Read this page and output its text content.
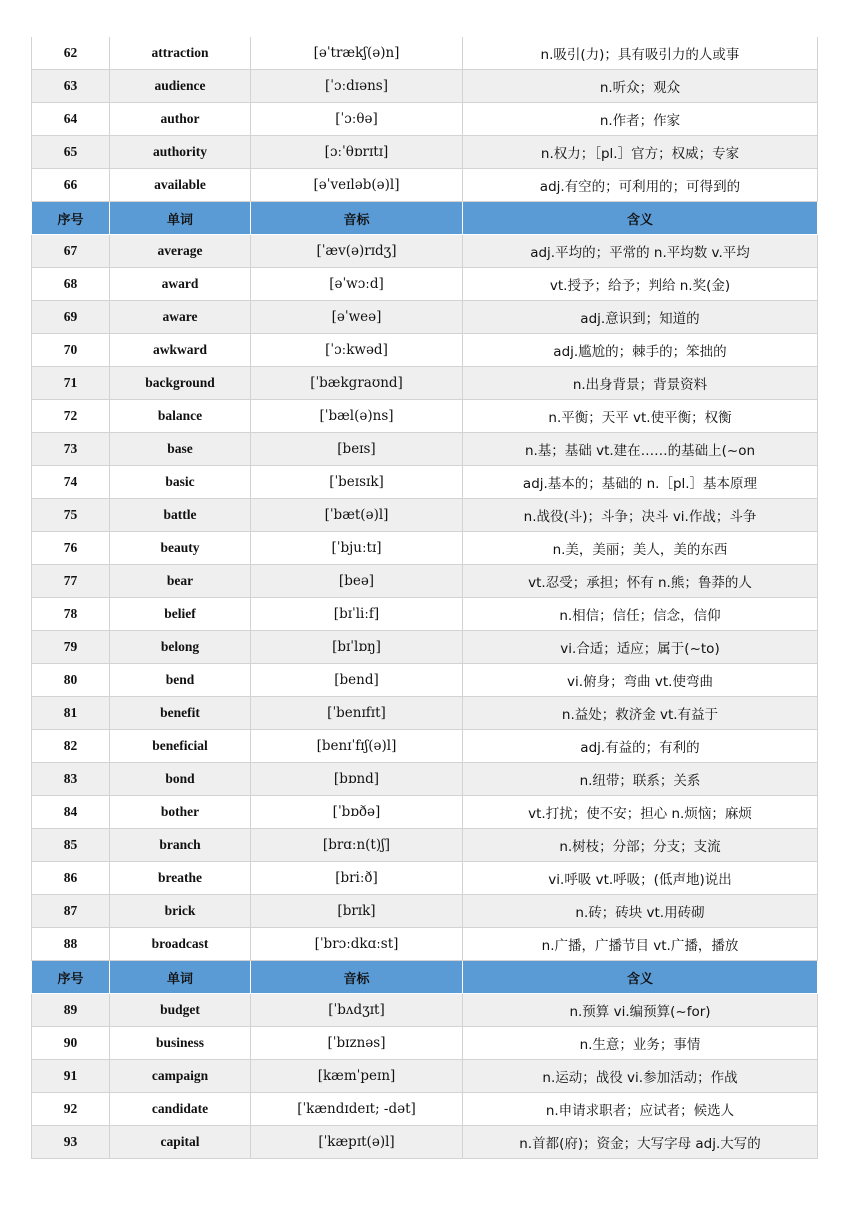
62	attraction	[əˈtrækʃ(ə)n]	n.吸引(力)；具有吸引力的人或事
63	audience	[ˈɔːdɪəns]	n.听众；观众
64	author	[ˈɔːθə]	n.作者；作家
65	authority	[ɔːˈθɒrɪtɪ]	n.权力；［pl.］官方；权威；专家
66	available	[əˈveɪləb(ə)l]	adj.有空的；可利用的；可得到的
序号	单词	音标	含义
67	average	[ˈæv(ə)rɪdʒ]	adj.平均的；平常的 n.平均数 v.平均
68	award	[əˈwɔːd]	vt.授予；给予；判给 n.奖(金)
69	aware	[əˈweə]	adj.意识到；知道的
70	awkward	[ˈɔːkwəd]	adj.尴尬的；棘手的；笨拙的
71	background	[ˈbækgraʊnd]	n.出身背景；背景资料
72	balance	[ˈbæl(ə)ns]	n.平衡；天平 vt.使平衡；权衡
73	base	[beɪs]	n.基；基础 vt.建在……的基础上(~on
74	basic	[ˈbeɪsɪk]	adj.基本的；基础的 n.［pl.］基本原理
75	battle	[ˈbæt(ə)l]	n.战役(斗)；斗争；决斗 vi.作战；斗争
76	beauty	[ˈbjuːtɪ]	n.美，美丽；美人，美的东西
77	bear	[beə]	vt.忍受；承担；怀有 n.熊；鲁莽的人
78	belief	[bɪˈliːf]	n.相信；信任；信念，信仰
79	belong	[bɪˈlɒŋ]	vi.合适；适应；属于(~to)
80	bend	[bend]	vi.俯身；弯曲 vt.使弯曲
81	benefit	[ˈbenɪfɪt]	n.益处；救济金 vt.有益于
82	beneficial	[benɪˈfɪʃ(ə)l]	adj.有益的；有利的
83	bond	[bɒnd]	n.纽带；联系；关系
84	bother	[ˈbɒðə]	vt.打扰；使不安；担心 n.烦恼；麻烦
85	branch	[brɑːn(t)ʃ]	n.树枝；分部；分支；支流
86	breathe	[briːð]	vi.呼吸 vt.呼吸；(低声地)说出
87	brick	[brɪk]	n.砖；砖块 vt.用砖砌
88	broadcast	[ˈbrɔːdkɑːst]	n.广播，广播节目 vt.广播，播放
序号	单词	音标	含义
89	budget	[ˈbʌdʒɪt]	n.预算 vi.编预算(~for)
90	business	[ˈbɪznəs]	n.生意；业务；事情
91	campaign	[kæmˈpeɪn]	n.运动；战役 vi.参加活动；作战
92	candidate	[ˈkændɪdeɪt; -dət]	n.申请求职者；应试者；候选人
93	capital	[ˈkæpɪt(ə)l]	n.首都(府)；资金；大写字母 adj.大写的
